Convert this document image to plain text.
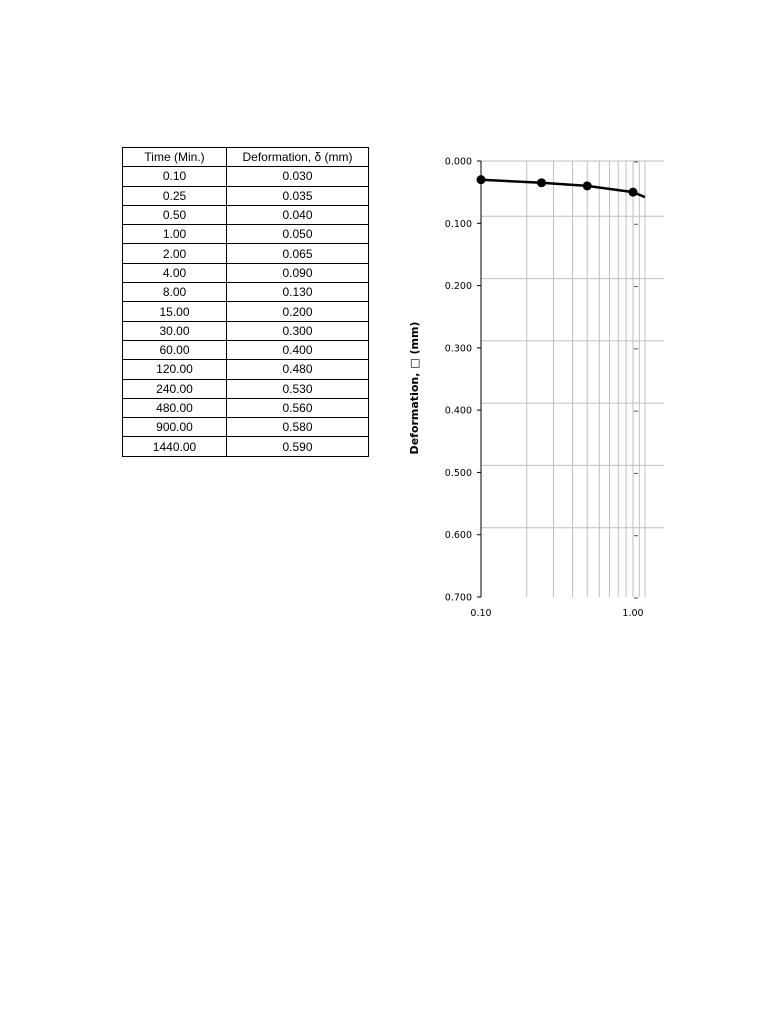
Time (Min.)	Deformation, δ (mm)
0.10	0.030
0.25	0.035
0.50	0.040
1.00	0.050
2.00	0.065
4.00	0.090
8.00	0.130
15.00	0.200
30.00	0.300
60.00	0.400
120.00	0.480
240.00	0.530
480.00	0.560
900.00	0.580
1440.00	0.590
0.000
0.100
0.200
0.300
0.400
0.500
0.600
0.700
0.10	1.00
Deformation, □ (mm)
